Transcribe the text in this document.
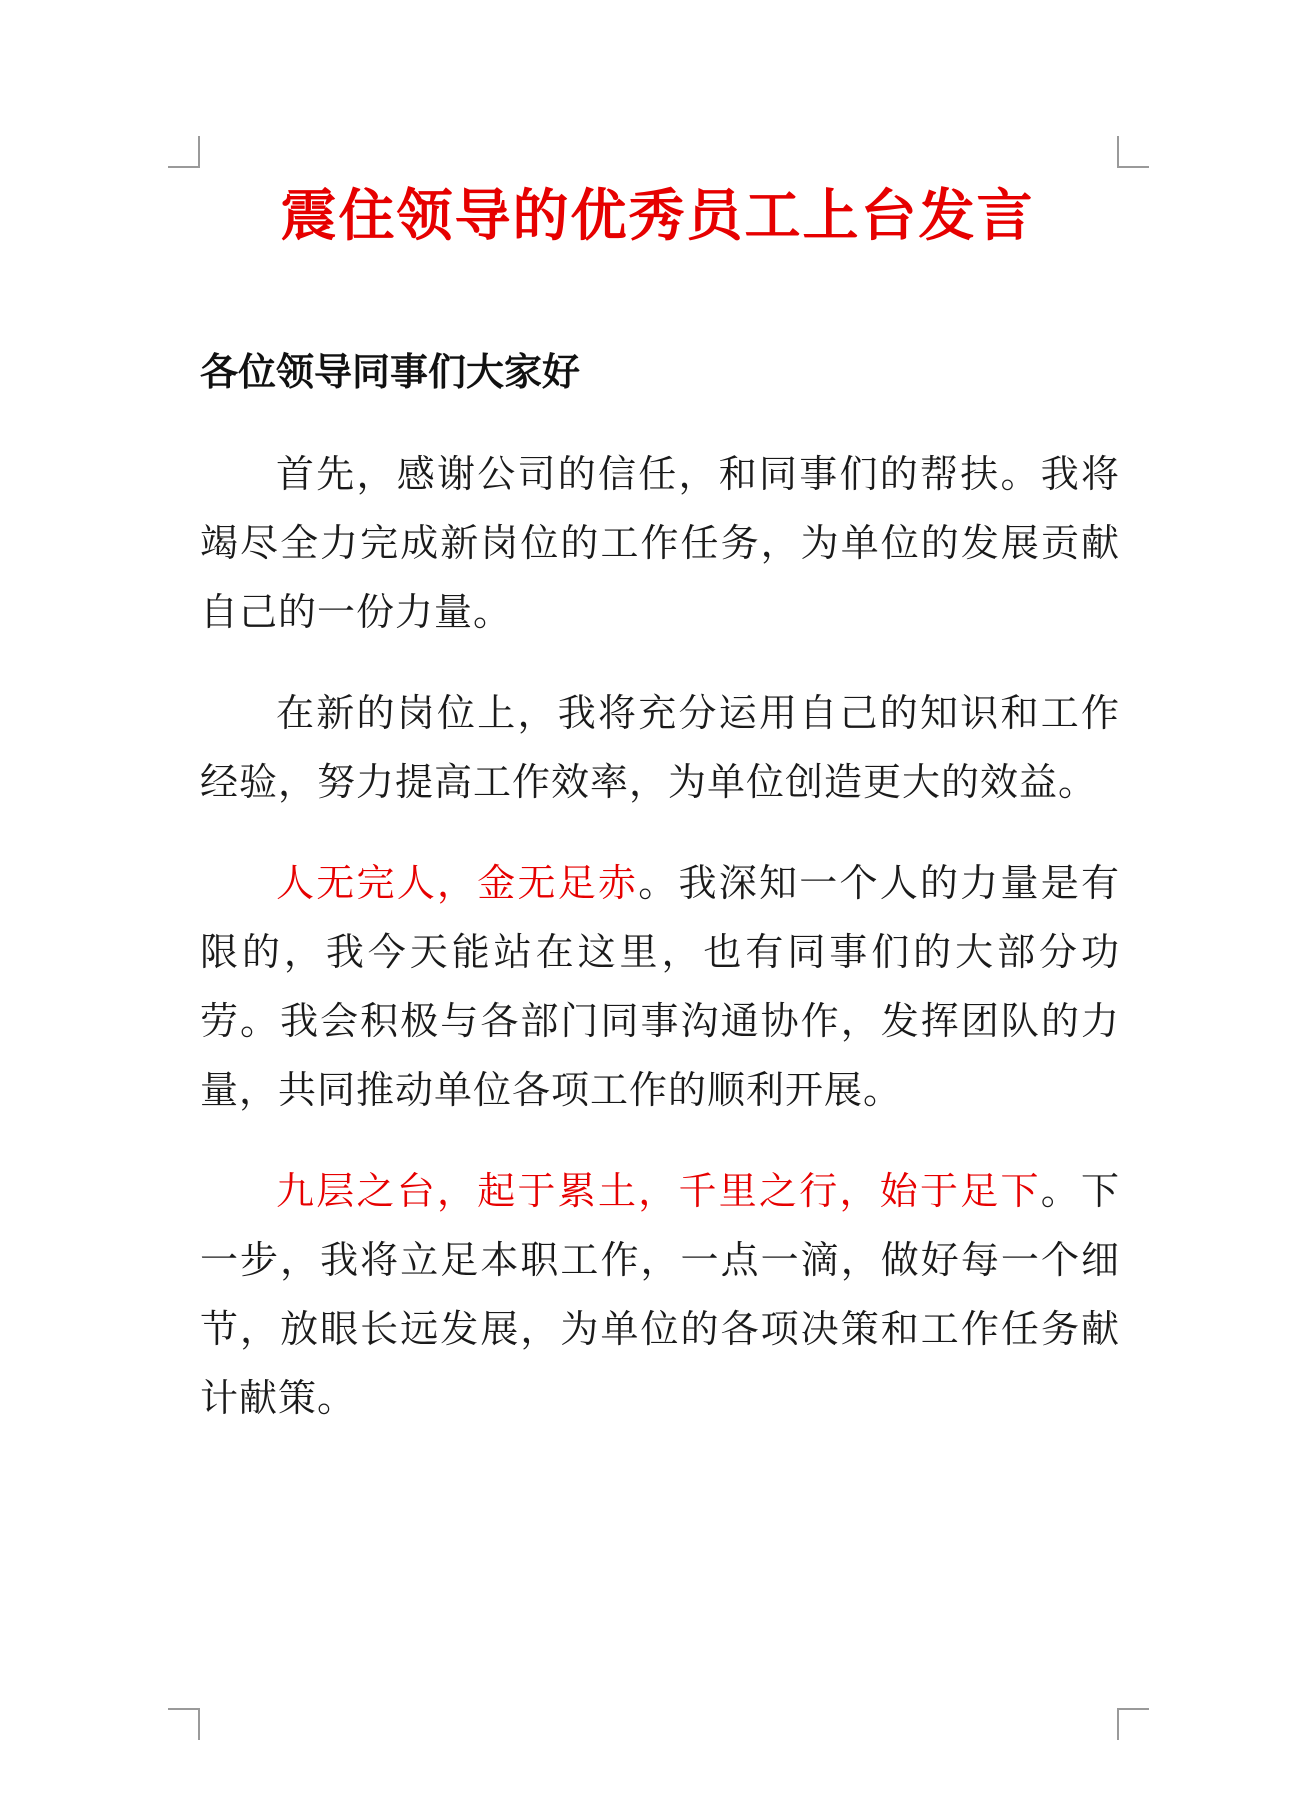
震住领导的优秀员工上台发言
各位领导同事们大家好

首先，感谢公司的信任，和同事们的帮扶。我将竭尽全力完成新岗位的工作任务，为单位的发展贡献自己的一份力量。

在新的岗位上，我将充分运用自己的知识和工作经验，努力提高工作效率，为单位创造更大的效益。

人无完人，金无足赤。我深知一个人的力量是有限的，我今天能站在这里，也有同事们的大部分功劳。我会积极与各部门同事沟通协作，发挥团队的力量，共同推动单位各项工作的顺利开展。

九层之台，起于累土，千里之行，始于足下。下一步，我将立足本职工作，一点一滴，做好每一个细节，放眼长远发展，为单位的各项决策和工作任务献计献策。
